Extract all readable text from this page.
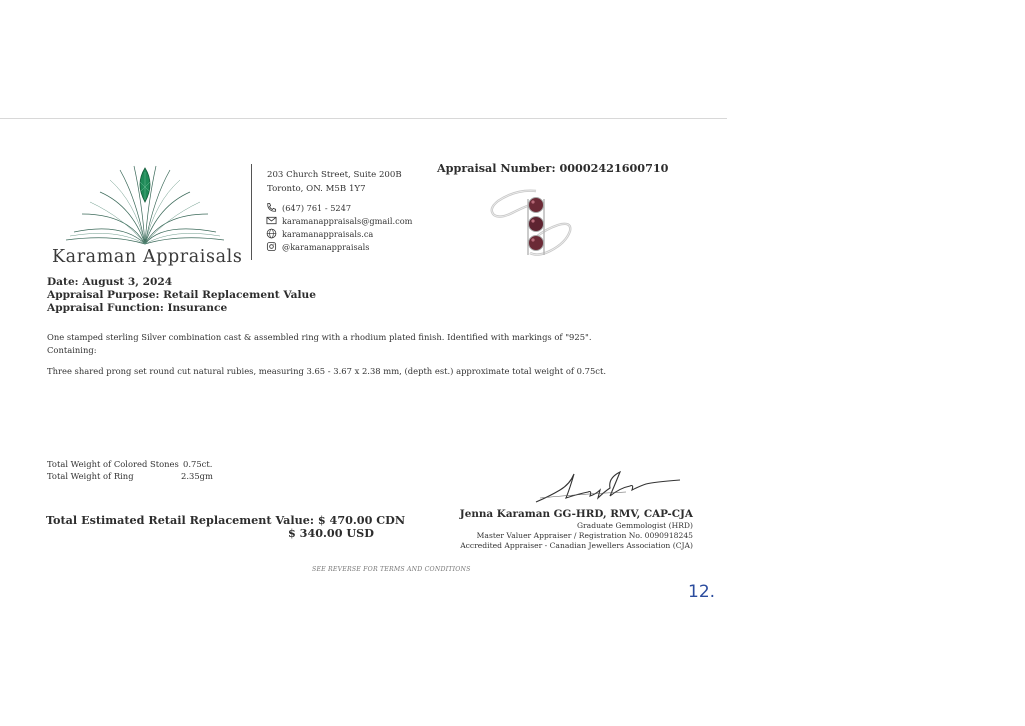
Karaman Appraisals
203 Church Street, Suite 200B
Toronto, ON. M5B 1Y7
(647) 761 - 5247
karamanappraisals@gmail.com
karamanappraisals.ca
@karamanappraisals
Appraisal Number: 00002421600710
Date: August 3, 2024
Appraisal Purpose: Retail Replacement Value
Appraisal Function: Insurance
One stamped sterling Silver combination cast & assembled ring with a rhodium plated finish. Identified with markings of "925".
Containing:
Three shared prong set round cut natural rubies, measuring 3.65 - 3.67 x 2.38 mm, (depth est.) approximate total weight of 0.75ct.
Total Weight of Colored Stones 0.75ct.
Total Weight of Ring	2.35gm
Total Estimated Retail Replacement Value: $ 470.00 CDN
$ 340.00 USD
Jenna Karaman GG-HRD, RMV, CAP-CJA
Graduate Gemmologist (HRD)
Master Valuer Appraiser / Registration No. 0090918245
Accredited Appraiser - Canadian Jewellers Association (CJA)
SEE REVERSE FOR TERMS AND CONDITIONS
12.
